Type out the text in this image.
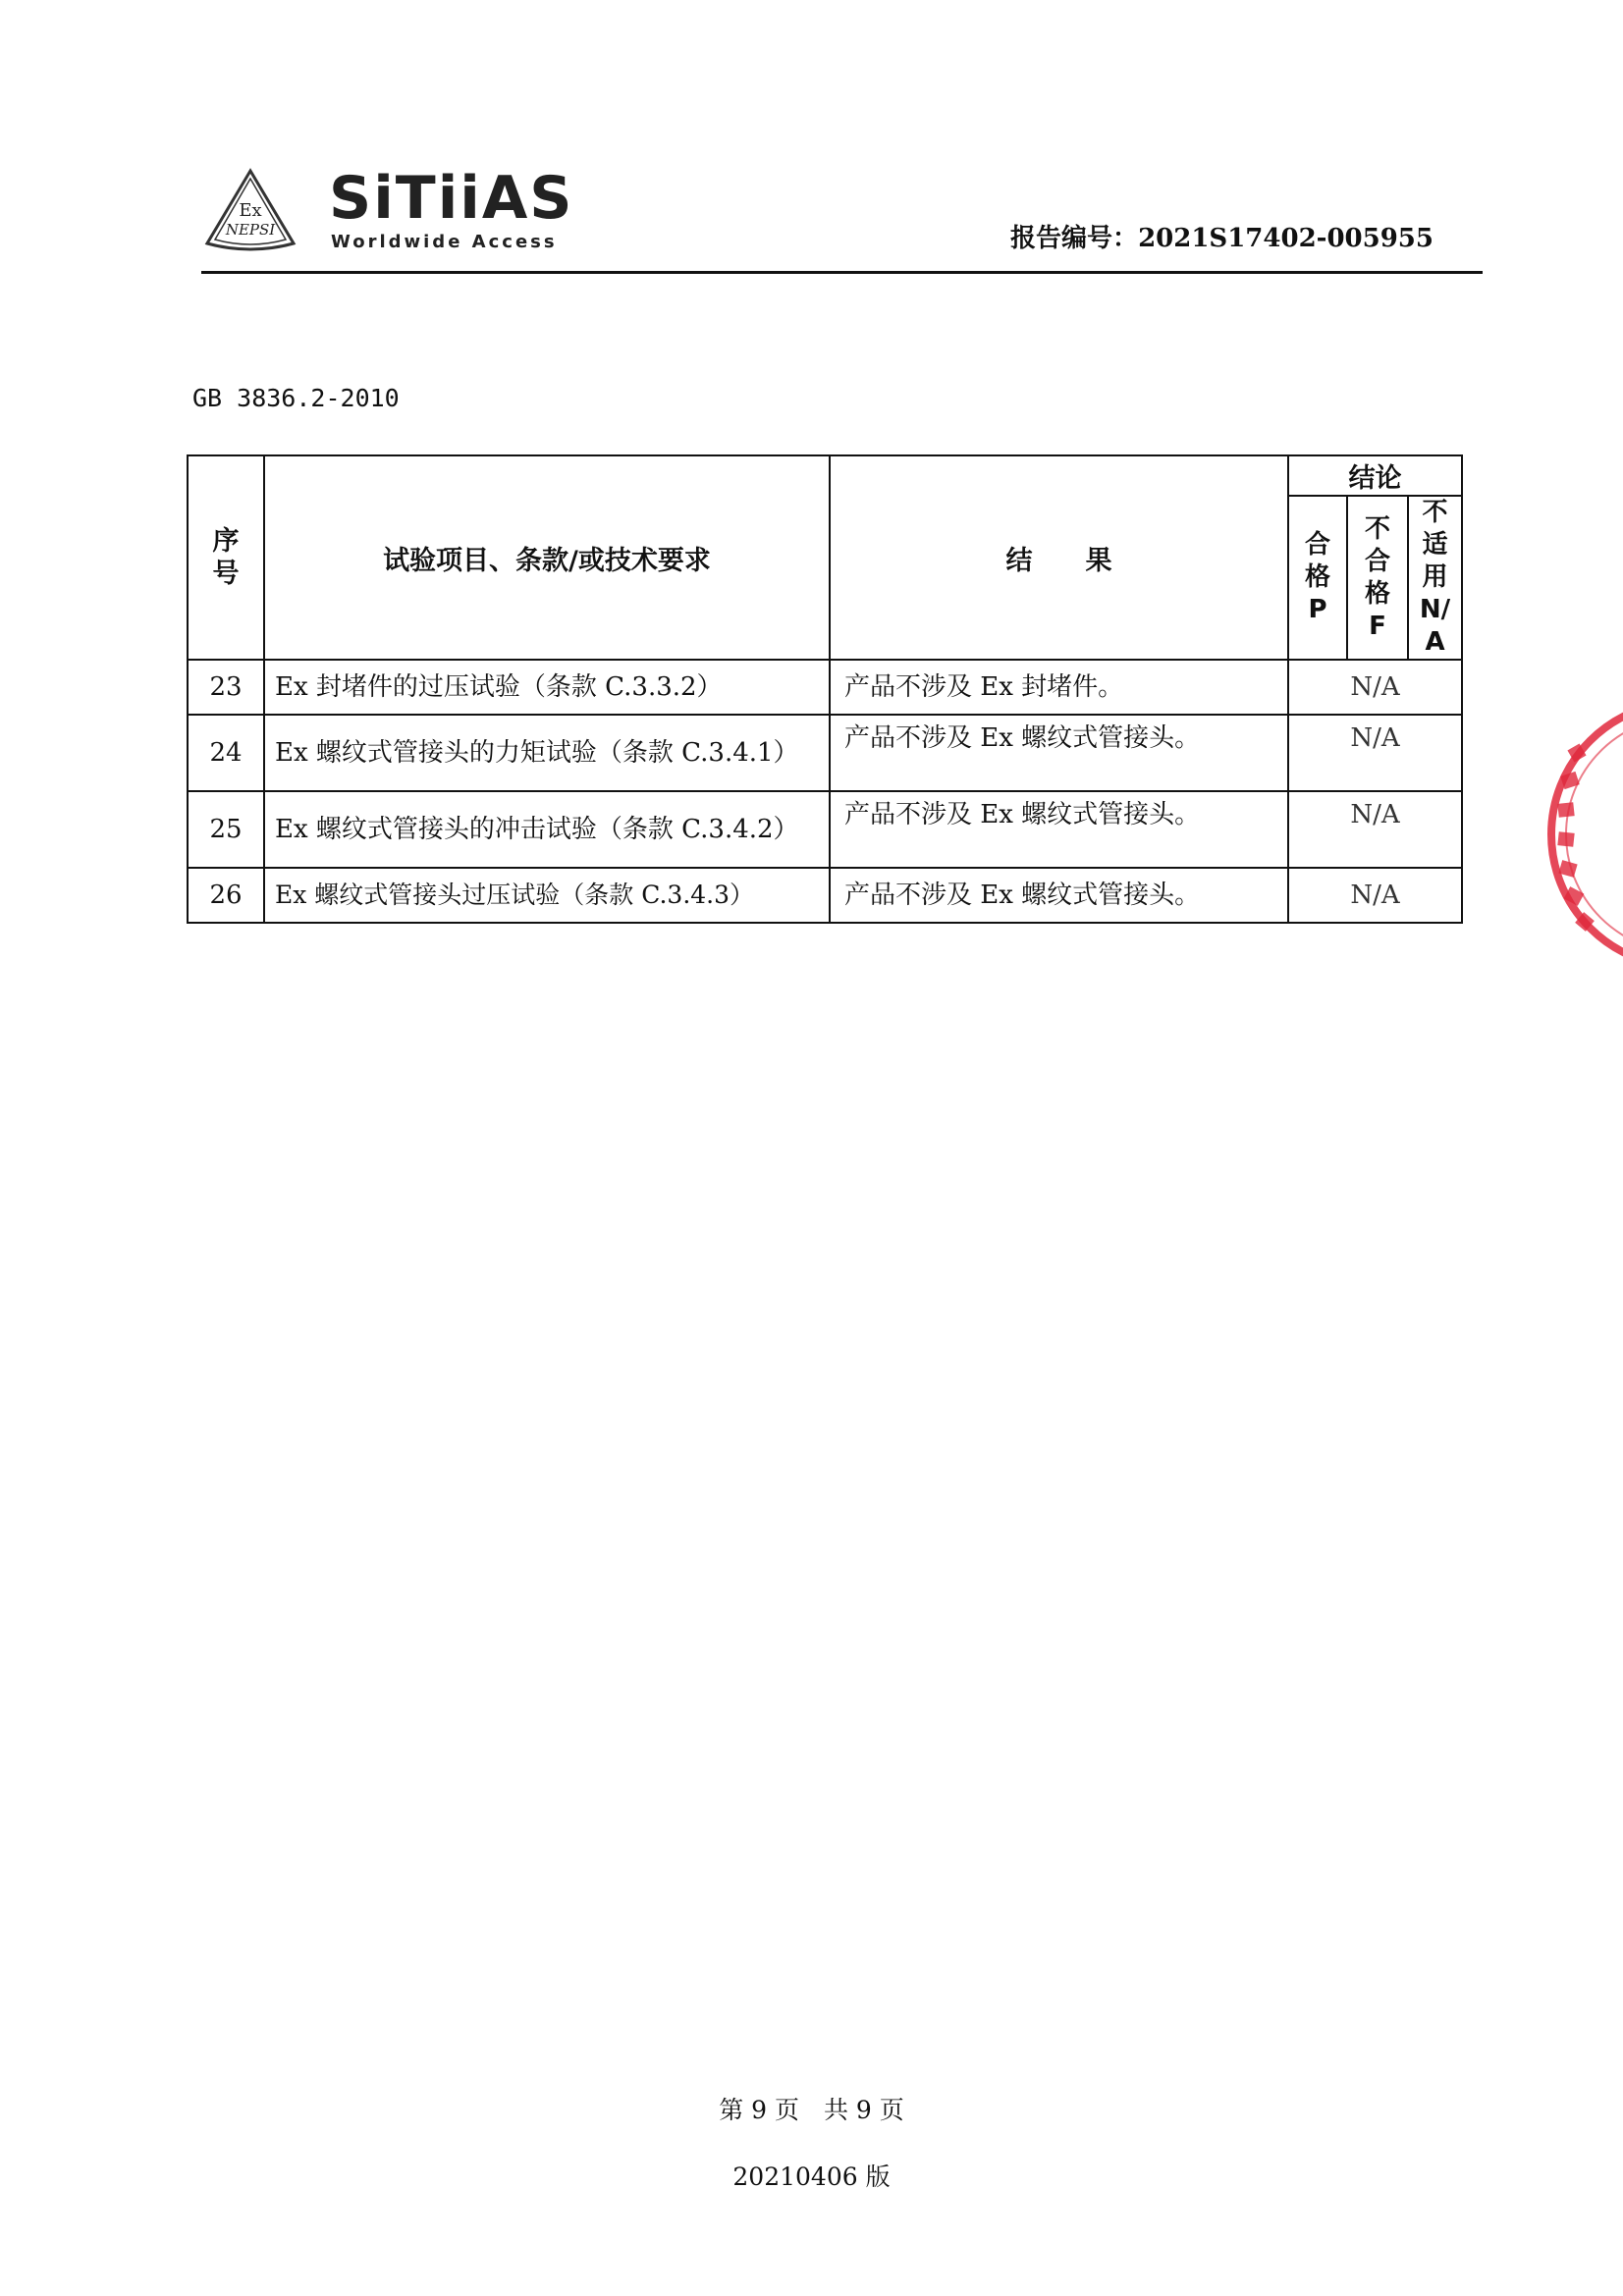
Ex
NEPSI SiTiiAS
Worldwide Access	报告编号：2021S17402-005955
GB 3836.2-2010
序号	试验项目、条款/或技术要求	结　　果	结论		
			合格P	不合格F	不适用N/A
23	Ex 封堵件的过压试验（条款 C.3.3.2）	产品不涉及 Ex 封堵件。	N/A		
24	Ex 螺纹式管接头的力矩试验（条款 C.3.4.1）	产品不涉及 Ex 螺纹式管接头。	N/A		
25	Ex 螺纹式管接头的冲击试验（条款 C.3.4.2）	产品不涉及 Ex 螺纹式管接头。	N/A		
26	Ex 螺纹式管接头过压试验（条款 C.3.4.3）	产品不涉及 Ex 螺纹式管接头。	N/A		
第 9 页　共 9 页
20210406 版
